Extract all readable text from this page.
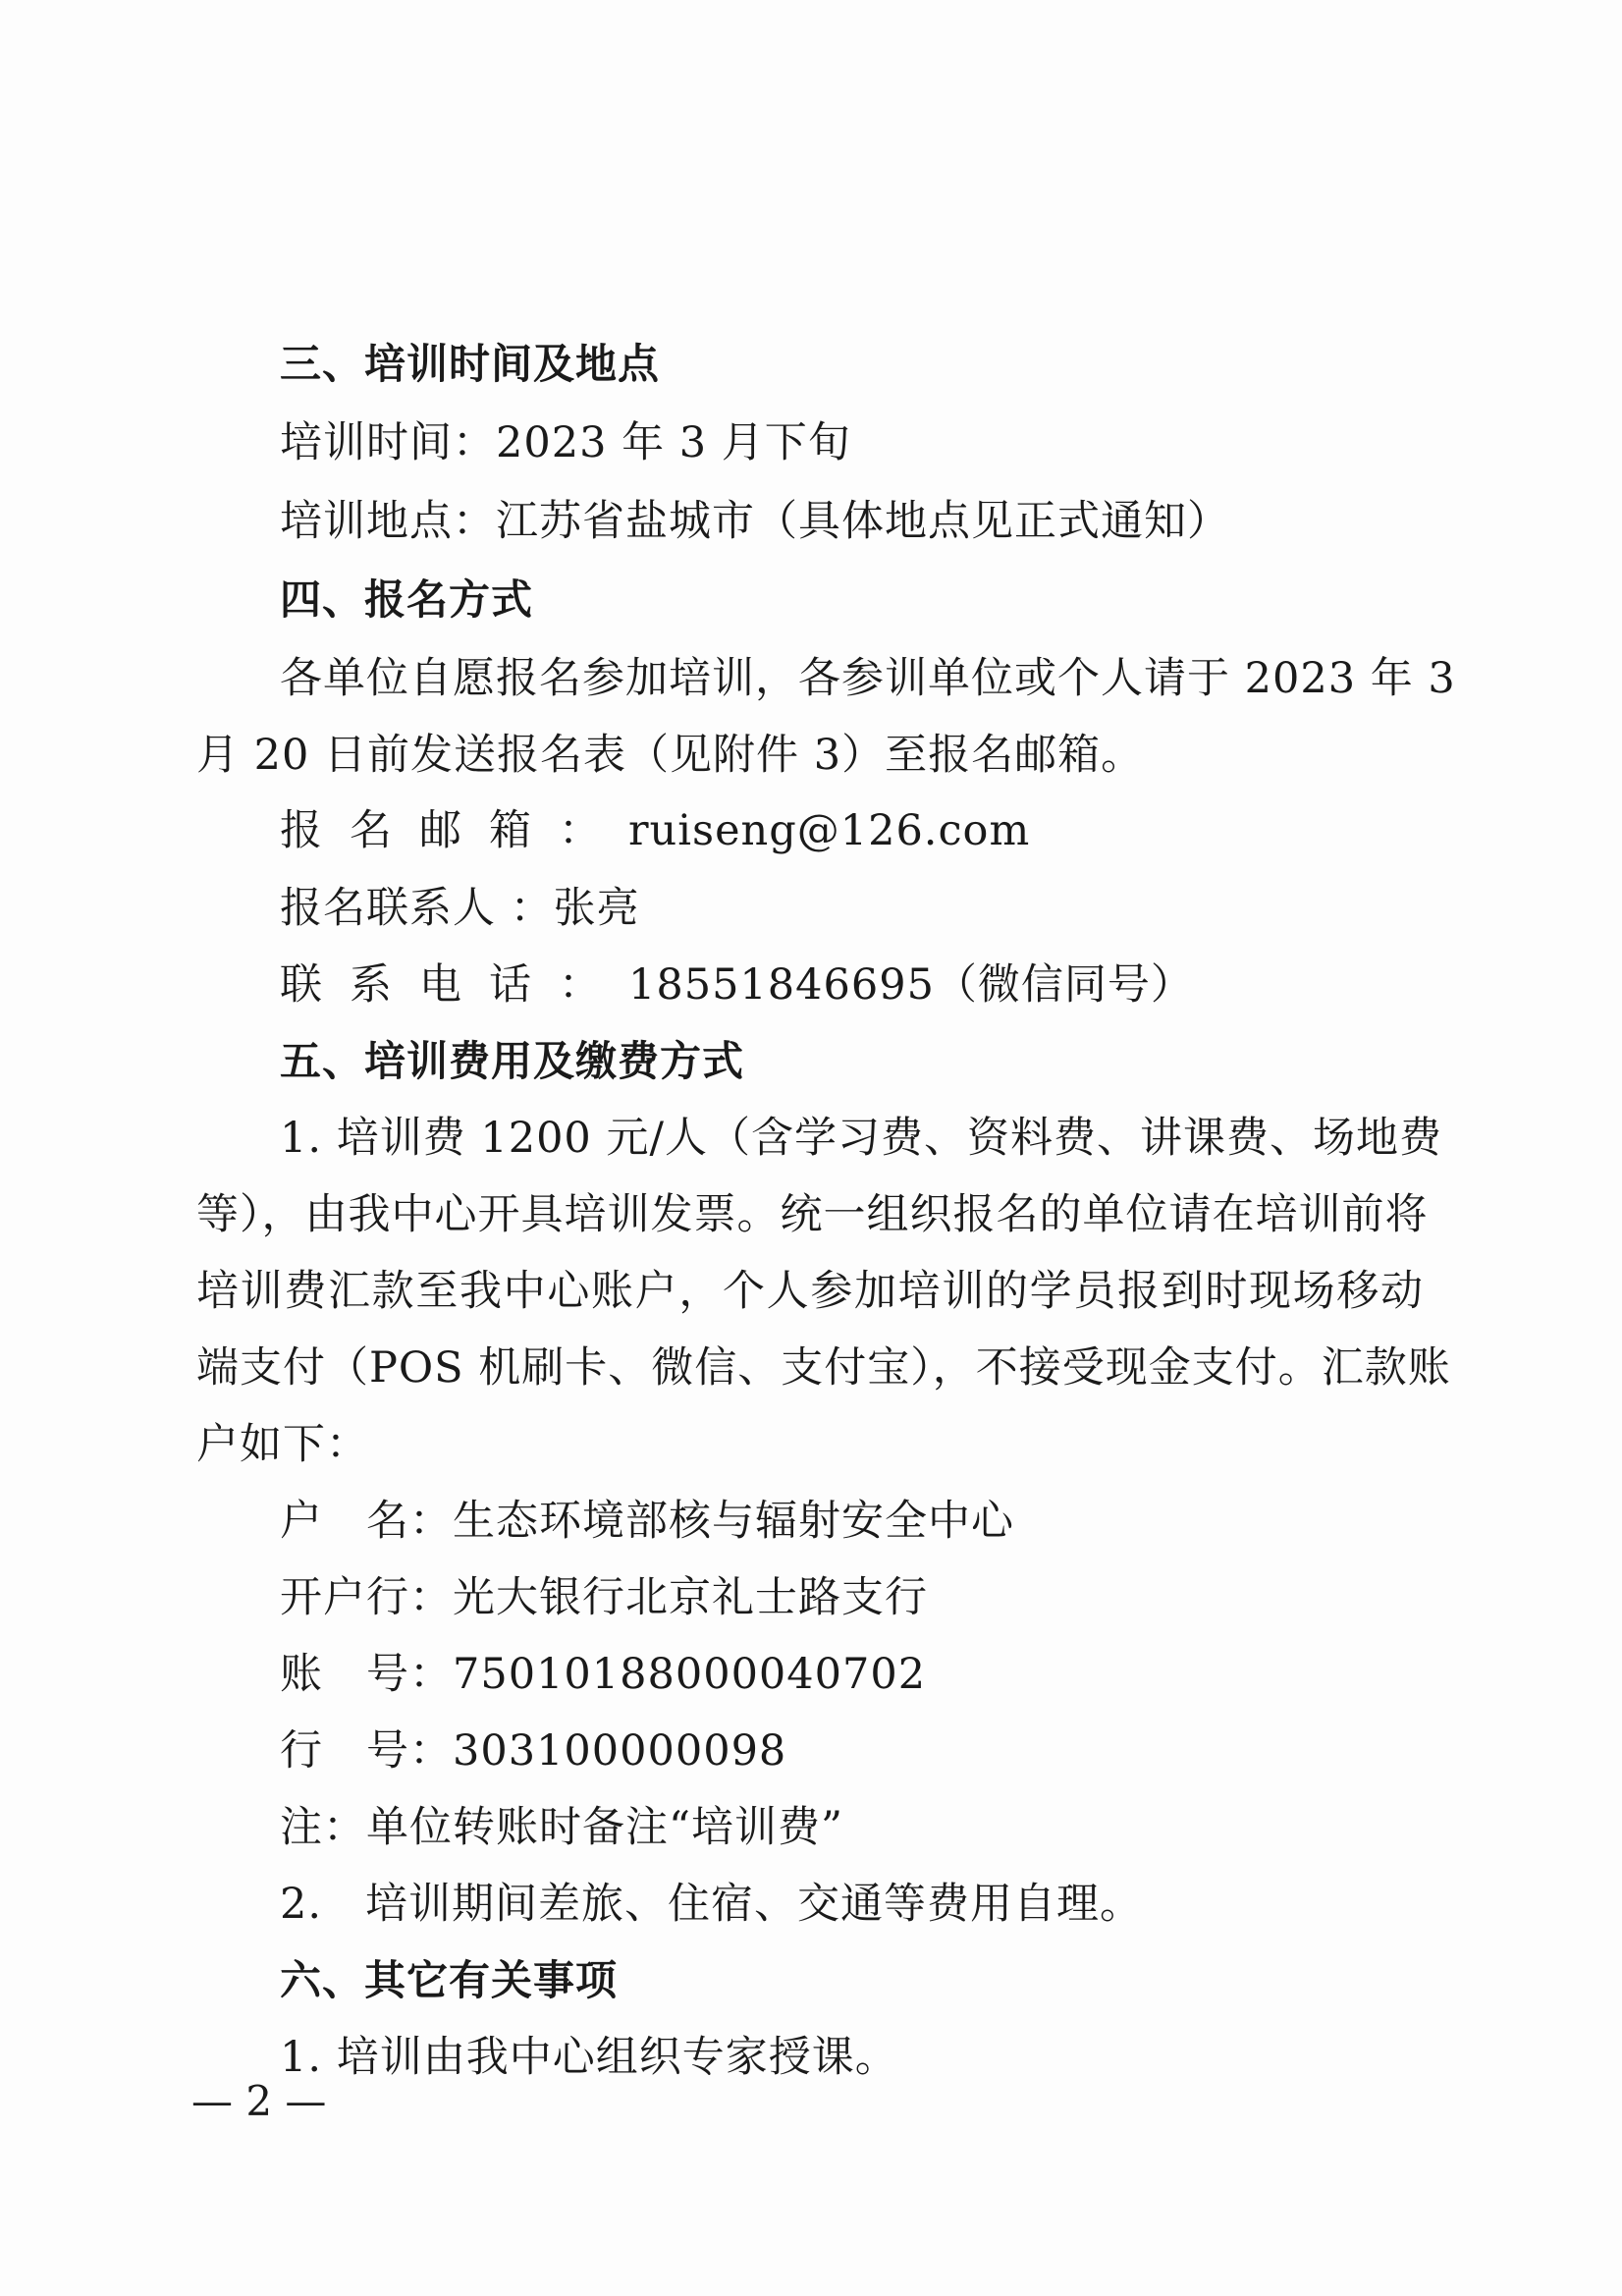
三、培训时间及地点
培训时间：2023 年 3 月下旬
培训地点：江苏省盐城市（具体地点见正式通知）
四、报名方式
各单位自愿报名参加培训，各参训单位或个人请于 2023 年 3
月 20 日前发送报名表（见附件 3）至报名邮箱。
报名邮箱：ruiseng@126.com
报名联系人 ：张亮
联系电话：18551846695（微信同号）
五、培训费用及缴费方式
1. 培训费 1200 元/人（含学习费、资料费、讲课费、场地费
等），由我中心开具培训发票。统一组织报名的单位请在培训前将
培训费汇款至我中心账户，个人参加培训的学员报到时现场移动
端支付（POS 机刷卡、微信、支付宝），不接受现金支付。汇款账
户如下：
户　名：生态环境部核与辐射安全中心
开户行：光大银行北京礼士路支行
账　号：75010188000040702
行　号：303100000098
注：单位转账时备注“培训费”
2.　培训期间差旅、住宿、交通等费用自理。
六、其它有关事项
1. 培训由我中心组织专家授课。
— 2 —
